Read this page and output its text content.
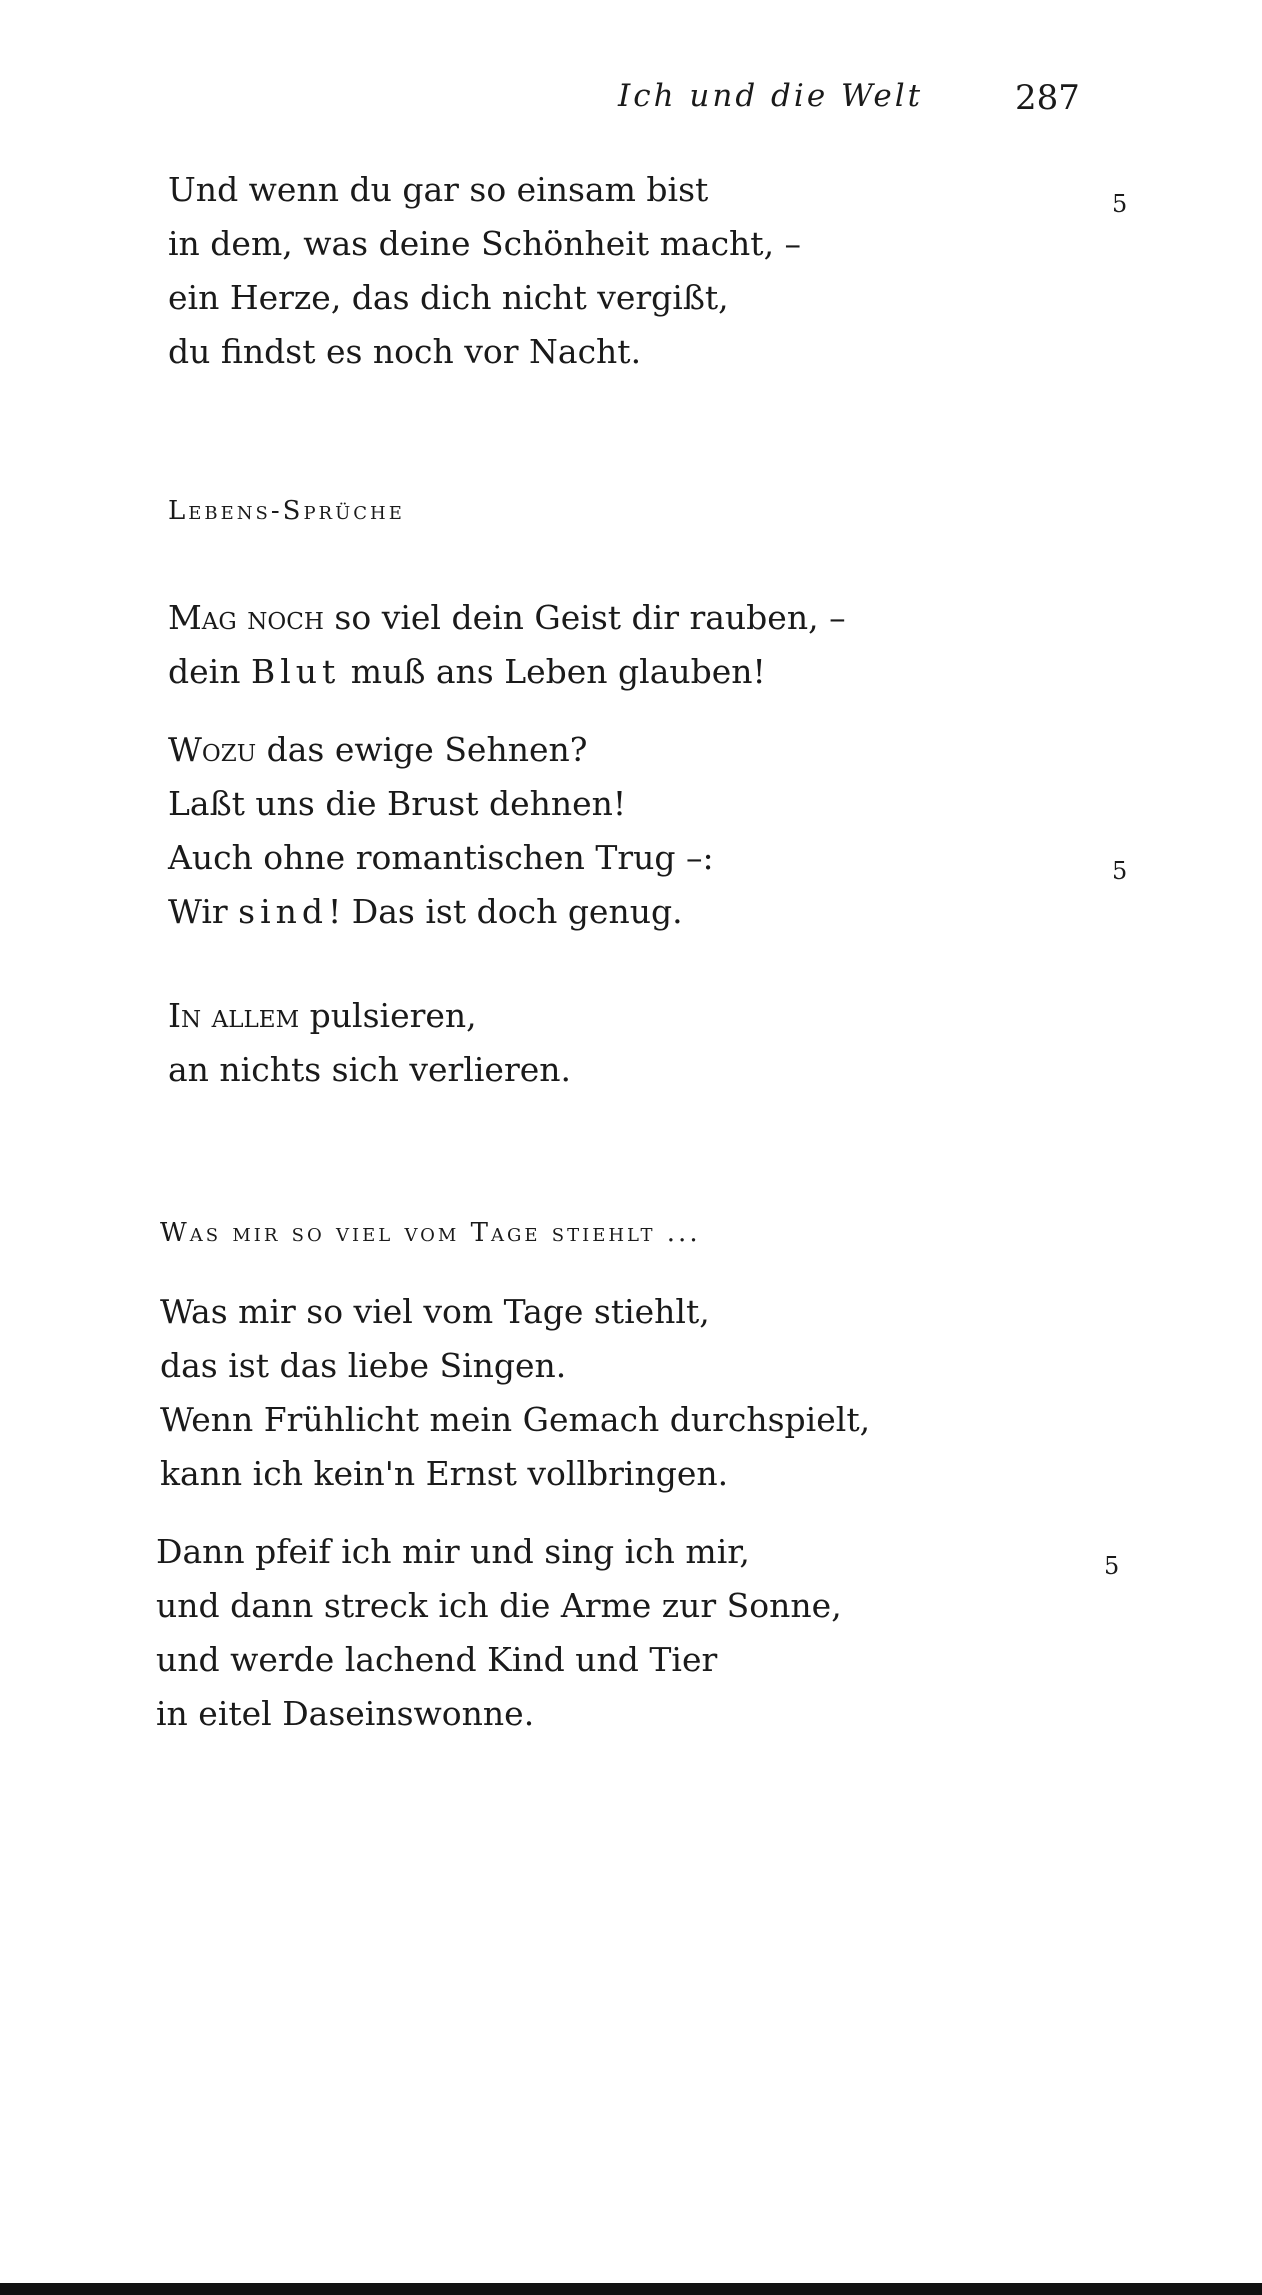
Ich und die Welt	287
Und wenn du gar so einsam bist
in dem, was deine Schönheit macht, –
ein Herze, das dich nicht vergißt,
du findst es noch vor Nacht.
5
Lebens-Sprüche
Mag noch so viel dein Geist dir rauben, –
dein Blut muß ans Leben glauben!
Wozu das ewige Sehnen?
Laßt uns die Brust dehnen!
Auch ohne romantischen Trug –:
Wir sind! Das ist doch genug.
5
In allem pulsieren,
an nichts sich verlieren.
Was mir so viel vom Tage stiehlt ...
Was mir so viel vom Tage stiehlt,
das ist das liebe Singen.
Wenn Frühlicht mein Gemach durchspielt,
kann ich kein'n Ernst vollbringen.
Dann pfeif ich mir und sing ich mir,
und dann streck ich die Arme zur Sonne,
und werde lachend Kind und Tier
in eitel Daseinswonne.
5
